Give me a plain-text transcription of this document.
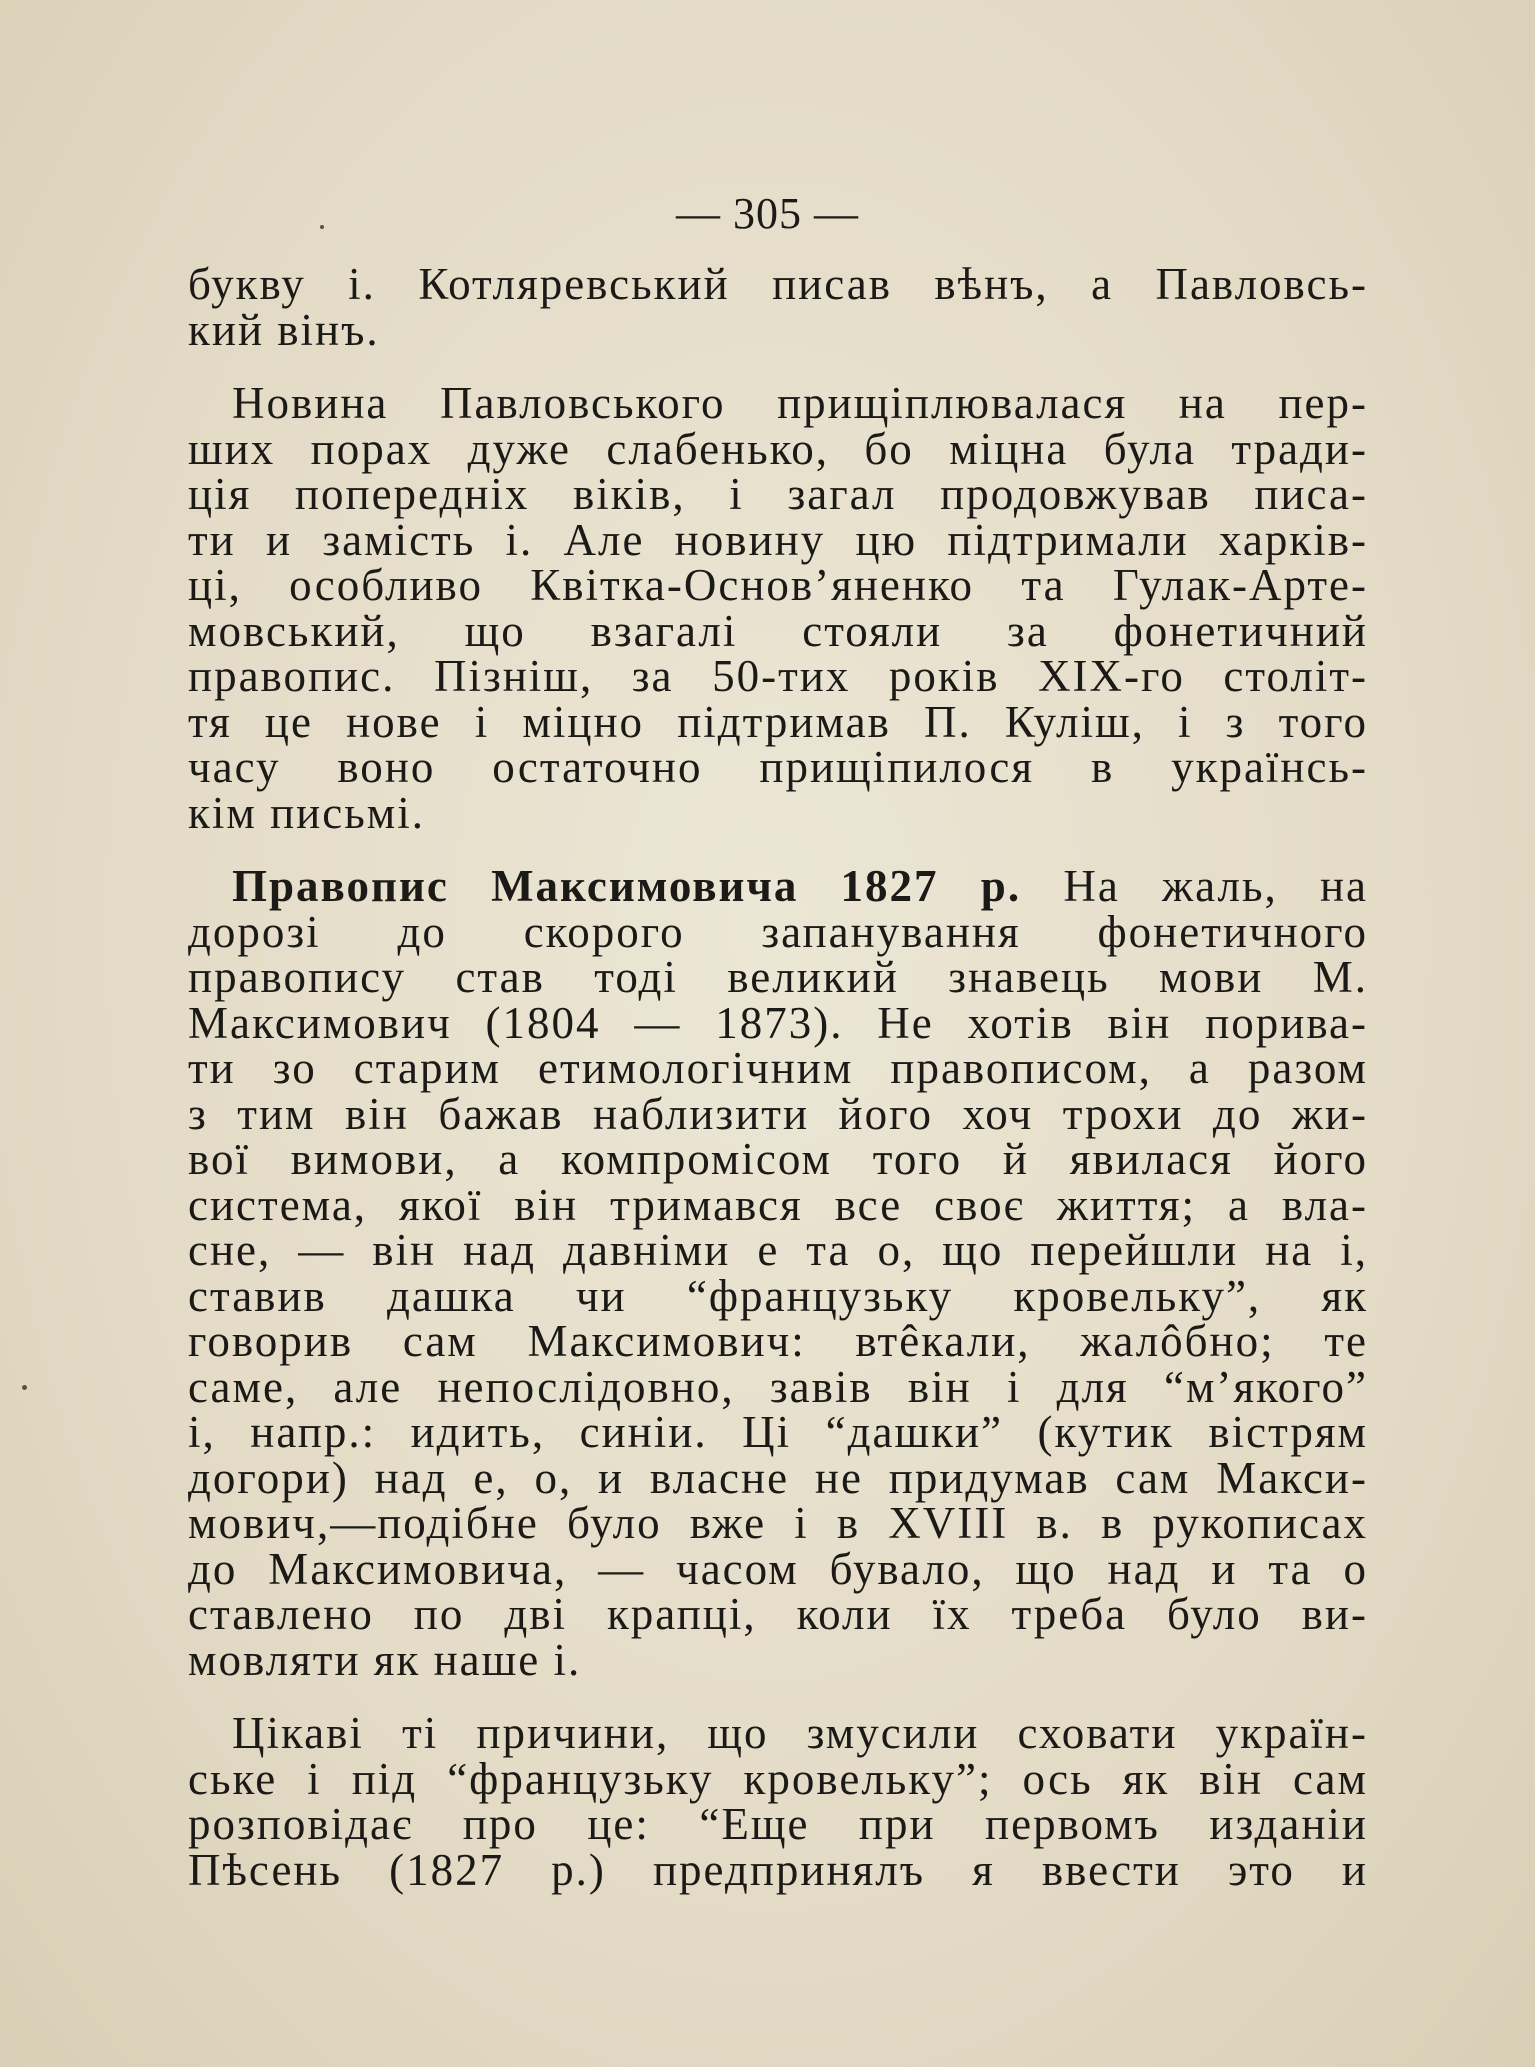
— 305 —
букву і. Котляревський писав вѣнъ, а Павловсь-
кий вінъ.
Новина Павловського прищіплювалася на пер-
ших порах дуже слабенько, бо міцна була тради-
ція попередніх віків, і загал продовжував писа-
ти и замість і. Але новину цю підтримали харків-
ці, особливо Квітка-Основ’яненко та Гулак-Арте-
мовський, що взагалі стояли за фонетичний
правопис. Пізніш, за 50-тих років XIX-го століт-
тя це нове і міцно підтримав П. Куліш, і з того
часу воно остаточно прищіпилося в українсь-
кім письмі.
Правопис Максимовича 1827 р. На жаль, на
дорозі до скорого запанування фонетичного
правопису став тоді великий знавець мови М.
Максимович (1804 — 1873). Не хотів він порива-
ти зо старим етимологічним правописом, а разом
з тим він бажав наблизити його хоч трохи до жи-
вої вимови, а компромісом того й явилася його
система, якої він тримався все своє життя; а вла-
сне, — він над давніми е та о, що перейшли на і,
ставив дашка чи “французьку кровельку”, як
говорив сам Максимович: втêкали, жалôбно; те
саме, але непослідовно, завів він і для “м’якого”
і, напр.: идить, синіи. Ці “дашки” (кутик вістрям
догори) над е, о, и власне не придумав сам Макси-
мович,—подібне було вже і в XVIII в. в рукописах
до Максимовича, — часом бувало, що над и та о
ставлено по дві крапці, коли їх треба було ви-
мовляти як наше і.
Цікаві ті причини, що змусили сховати україн-
ське і під “французьку кровельку”; ось як він сам
розповідає про це: “Еще при первомъ изданіи
Пѣсень (1827 р.) предпринялъ я ввести это и
